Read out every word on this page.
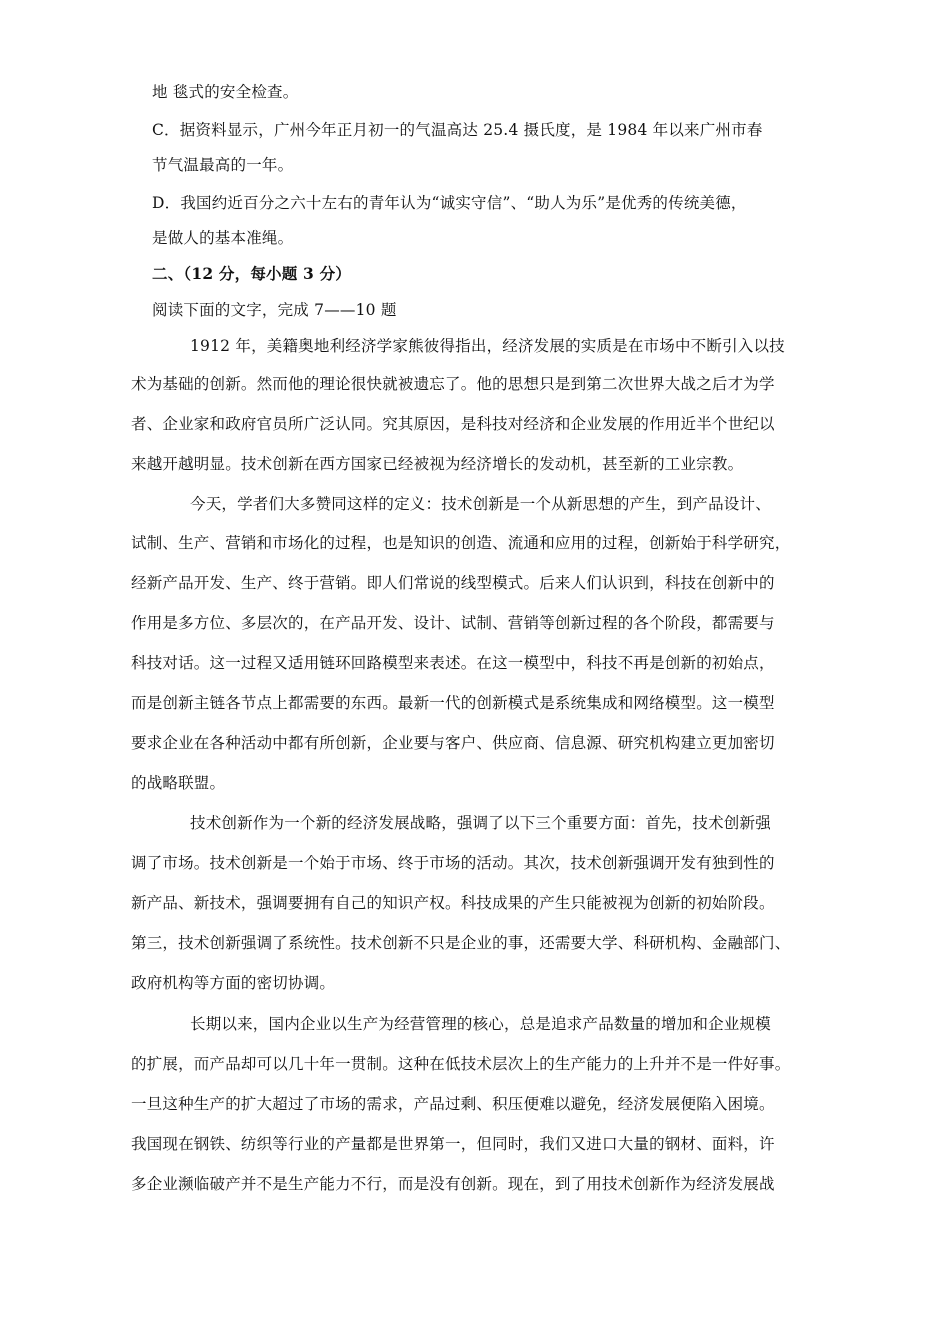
地 毯式的安全检查。
C．据资料显示，广州今年正月初一的气温高达 25.4 摄氏度，是 1984 年以来广州市春
节气温最高的一年。
D．我国约近百分之六十左右的青年认为“诚实守信”、“助人为乐”是优秀的传统美德，
是做人的基本准绳。
二、（12 分，每小题 3 分）
阅读下面的文字，完成 7——10 题
1912 年，美籍奥地利经济学家熊彼得指出，经济发展的实质是在市场中不断引入以技
术为基础的创新。然而他的理论很快就被遗忘了。他的思想只是到第二次世界大战之后才为学
者、企业家和政府官员所广泛认同。究其原因，是科技对经济和企业发展的作用近半个世纪以
来越开越明显。技术创新在西方国家已经被视为经济增长的发动机，甚至新的工业宗教。
今天，学者们大多赞同这样的定义：技术创新是一个从新思想的产生，到产品设计、
试制、生产、营销和市场化的过程，也是知识的创造、流通和应用的过程，创新始于科学研究，
经新产品开发、生产、终于营销。即人们常说的线型模式。后来人们认识到，科技在创新中的
作用是多方位、多层次的，在产品开发、设计、试制、营销等创新过程的各个阶段，都需要与
科技对话。这一过程又适用链环回路模型来表述。在这一模型中，科技不再是创新的初始点，
而是创新主链各节点上都需要的东西。最新一代的创新模式是系统集成和网络模型。这一模型
要求企业在各种活动中都有所创新，企业要与客户、供应商、信息源、研究机构建立更加密切
的战略联盟。
技术创新作为一个新的经济发展战略，强调了以下三个重要方面：首先，技术创新强
调了市场。技术创新是一个始于市场、终于市场的活动。其次，技术创新强调开发有独到性的
新产品、新技术，强调要拥有自己的知识产权。科技成果的产生只能被视为创新的初始阶段。
第三，技术创新强调了系统性。技术创新不只是企业的事，还需要大学、科研机构、金融部门、
政府机构等方面的密切协调。
长期以来，国内企业以生产为经营管理的核心，总是追求产品数量的增加和企业规模
的扩展，而产品却可以几十年一贯制。这种在低技术层次上的生产能力的上升并不是一件好事。
一旦这种生产的扩大超过了市场的需求，产品过剩、积压便难以避免，经济发展便陷入困境。
我国现在钢铁、纺织等行业的产量都是世界第一，但同时，我们又进口大量的钢材、面料，许
多企业濒临破产并不是生产能力不行，而是没有创新。现在，到了用技术创新作为经济发展战
